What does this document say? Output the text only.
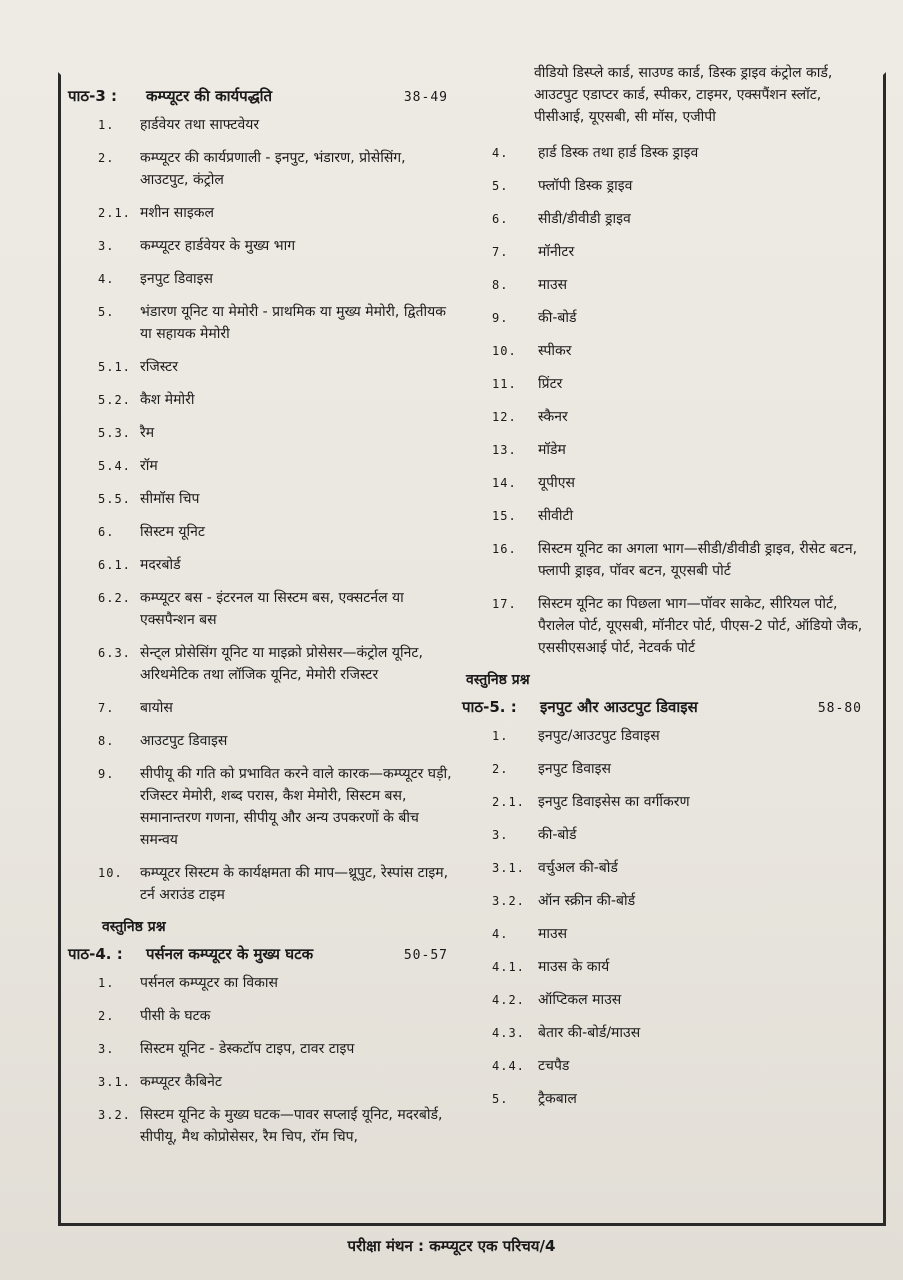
पाठ-3 :	कम्प्यूटर की कार्यपद्धति	38-49
1.	हार्डवेयर तथा साफ्टवेयर
2.	कम्प्यूटर की कार्यप्रणाली - इनपुट, भंडारण, प्रोसेसिंग, आउटपुट, कंट्रोल
2.1. मशीन साइकल
3.	कम्प्यूटर हार्डवेयर के मुख्य भाग
4.	इनपुट डिवाइस
5.	भंडारण यूनिट या मेमोरी - प्राथमिक या मुख्य मेमोरी, द्वितीयक या सहायक मेमोरी
5.1. रजिस्टर
5.2. कैश मेमोरी
5.3. रैम
5.4. रॉम
5.5. सीमॉस चिप
6.	सिस्टम यूनिट
6.1. मदरबोर्ड
6.2. कम्प्यूटर बस - इंटरनल या सिस्टम बस, एक्सटर्नल या एक्सपैन्शन बस
6.3. सेन्ट्ल प्रोसेसिंग यूनिट या माइक्रो प्रोसेसर—कंट्रोल यूनिट, अरिथमेटिक तथा लॉजिक यूनिट, मेमोरी रजिस्टर
7.	बायोस
8.	आउटपुट डिवाइस
9.	सीपीयू की गति को प्रभावित करने वाले कारक—कम्प्यूटर घड़ी, रजिस्टर मेमोरी, शब्द परास, कैश मेमोरी, सिस्टम बस, समानान्तरण गणना, सीपीयू और अन्य उपकरणों के बीच समन्वय
10.	कम्प्यूटर सिस्टम के कार्यक्षमता की माप—थ्रूपुट, रेस्पांस टाइम, टर्न अराउंड टाइम
वस्तुनिष्ठ प्रश्न
पाठ-4. :	पर्सनल कम्प्यूटर के मुख्य घटक	50-57
1.	पर्सनल कम्प्यूटर का विकास
2.	पीसी के घटक
3.	सिस्टम यूनिट - डेस्कटॉप टाइप, टावर टाइप
3.1. कम्प्यूटर कैबिनेट
3.2. सिस्टम यूनिट के मुख्य घटक—पावर सप्लाई यूनिट, मदरबोर्ड, सीपीयू, मैथ कोप्रोसेसर, रैम चिप, रॉम चिप,
वीडियो डिस्प्ले कार्ड, साउण्ड कार्ड, डिस्क ड्राइव कंट्रोल कार्ड, आउटपुट एडाप्टर कार्ड, स्पीकर, टाइमर, एक्सपैंशन स्लॉट, पीसीआई, यूएसबी, सी मॉस, एजीपी
4.	हार्ड डिस्क तथा हार्ड डिस्क ड्राइव
5.	फ्लॉपी डिस्क ड्राइव
6.	सीडी/डीवीडी ड्राइव
7.	मॉनीटर
8.	माउस
9.	की-बोर्ड
10.	स्पीकर
11.	प्रिंटर
12.	स्कैनर
13.	मॉडेम
14.	यूपीएस
15.	सीवीटी
16.	सिस्टम यूनिट का अगला भाग—सीडी/डीवीडी ड्राइव, रीसेट बटन, फ्लापी ड्राइव, पॉवर बटन, यूएसबी पोर्ट
17.	सिस्टम यूनिट का पिछला भाग—पॉवर साकेट, सीरियल पोर्ट, पैरालेल पोर्ट, यूएसबी, मॉनीटर पोर्ट, पीएस-2 पोर्ट, ऑडियो जैक, एससीएसआई पोर्ट, नेटवर्क पोर्ट
वस्तुनिष्ठ प्रश्न
पाठ-5. :	इनपुट और आउटपुट डिवाइस	58-80
1.	इनपुट/आउटपुट डिवाइस
2.	इनपुट डिवाइस
2.1. इनपुट डिवाइसेस का वर्गीकरण
3.	की-बोर्ड
3.1. वर्चुअल की-बोर्ड
3.2. ऑन स्क्रीन की-बोर्ड
4.	माउस
4.1. माउस के कार्य
4.2. ऑप्टिकल माउस
4.3. बेतार की-बोर्ड/माउस
4.4. टचपैड
5.	ट्रैकबाल
परीक्षा मंथन : कम्प्यूटर एक परिचय/4
